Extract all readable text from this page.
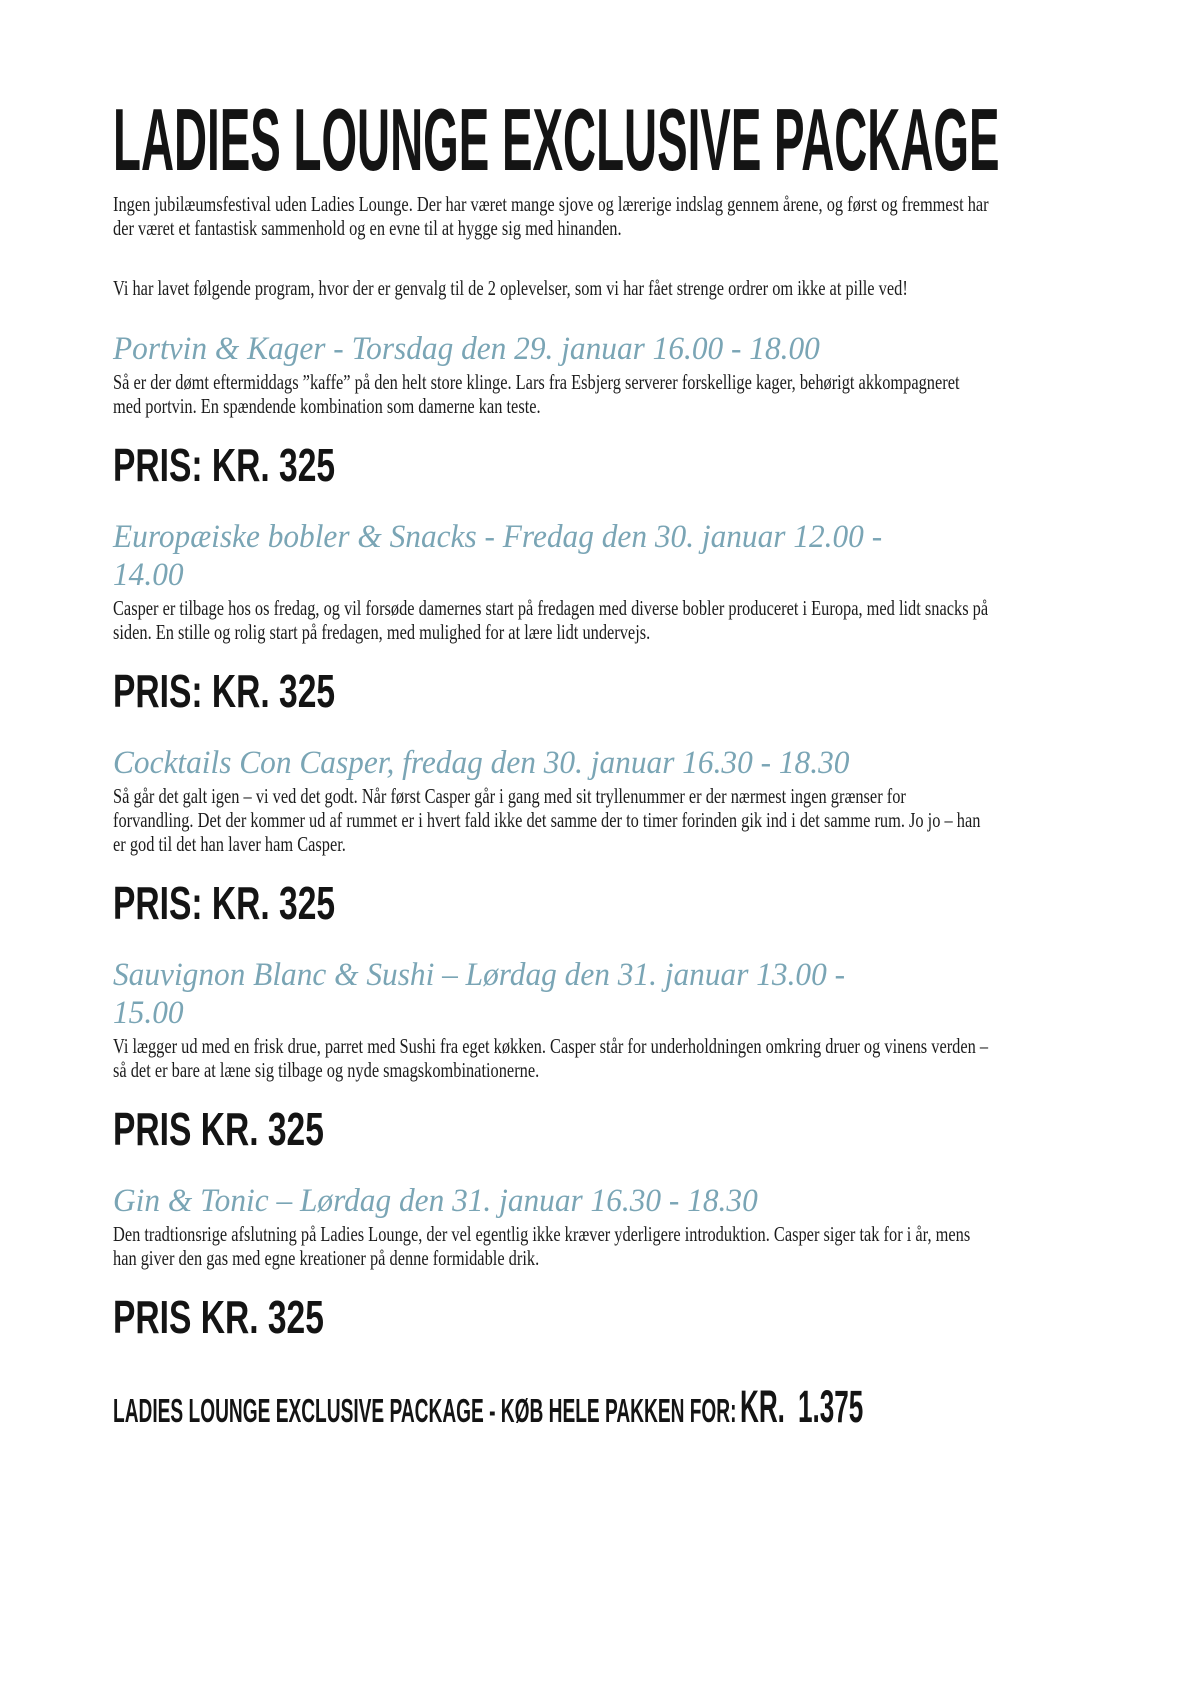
LADIES LOUNGE EXCLUSIVE PACKAGE

Ingen jubilæumsfestival uden Ladies Lounge. Der har været mange sjove og lærerige indslag gennem årene, og først og fremmest har der været et fantastisk sammenhold og en evne til at hygge sig med hinanden.

Vi har lavet følgende program, hvor der er genvalg til de 2 oplevelser, som vi har fået strenge ordrer om ikke at pille ved!

Portvin & Kager - Torsdag den 29. januar 16.00 - 18.00

Så er der dømt eftermiddags ”kaffe” på den helt store klinge. Lars fra Esbjerg serverer forskellige kager, behørigt akkompagneret med portvin. En spændende kombination som damerne kan teste.

PRIS: KR. 325
Europæiske bobler & Snacks - Fredag den 30. januar 12.00 -
14.00

Casper er tilbage hos os fredag, og vil forsøde damernes start på fredagen med diverse bobler produceret i Europa, med lidt snacks på siden. En stille og rolig start på fredagen, med mulighed for at lære lidt undervejs.

PRIS: KR. 325
Cocktails Con Casper, fredag den 30. januar 16.30 - 18.30

Så går det galt igen – vi ved det godt. Når først Casper går i gang med sit tryllenummer er der nærmest ingen grænser for forvandling. Det der kommer ud af rummet er i hvert fald ikke det samme der to timer forinden gik ind i det samme rum. Jo jo – han er god til det han laver ham Casper.

PRIS: KR. 325
Sauvignon Blanc & Sushi – Lørdag den 31. januar 13.00 -
15.00

Vi lægger ud med en frisk drue, parret med Sushi fra eget køkken. Casper står for underholdningen omkring druer og vinens verden – så det er bare at læne sig tilbage og nyde smagskombinationerne.

PRIS KR. 325
Gin & Tonic – Lørdag den 31. januar 16.30 - 18.30

Den tradtionsrige afslutning på Ladies Lounge, der vel egentlig ikke kræver yderligere introduktion. Casper siger tak for i år, mens han giver den gas med egne kreationer på denne formidable drik.

PRIS KR. 325
LADIES LOUNGE EXCLUSIVE PACKAGE - KØB HELE PAKKEN FOR:KR. 1.375
